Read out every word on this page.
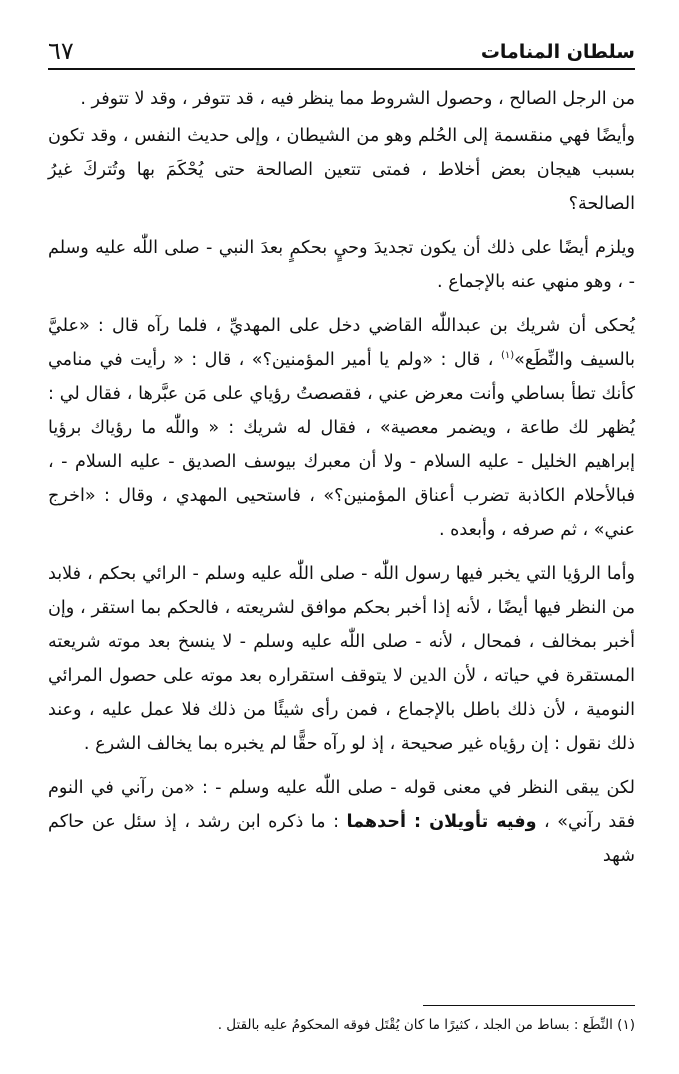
سلطان المنامات
٦٧

من الرجل الصالح ، وحصول الشروط مما ينظر فيه ، قد تتوفر ، وقد لا تتوفر .

وأيضًا فهي منقسمة إلى الحُلم وهو من الشيطان ، وإلى حديث النفس ، وقد تكون بسبب هيجان بعض أخلاط ، فمتى تتعين الصالحة حتى يُحْكَمَ بها وتُتركَ غيرُ الصالحة؟

ويلزم أيضًا على ذلك أن يكون تجديدَ وحيٍ بحكمٍ بعدَ النبي - صلى اللّٰه عليه وسلم - ، وهو منهي عنه بالإجماع .

يُحكى أن شريك بن عبداللّٰه القاضي دخل على المهديِّ ، فلما رآه قال : «عليَّ بالسيف والنِّطَع»$^{(١)}$ ، قال : «ولم يا أمير المؤمنين؟» ، قال : « رأيت في منامي كأنك تطأ بساطي وأنت معرض عني ، فقصصتُ رؤياي على مَن عبَّرها ، فقال لي : يُظهر لك طاعة ، ويضمر معصية» ، فقال له شريك : « واللّٰه ما رؤياك برؤيا إبراهيم الخليل - عليه السلام - ولا أن معبرك بيوسف الصديق - عليه السلام - ، فبالأحلام الكاذبة تضرب أعناق المؤمنين؟» ، فاستحيى المهدي ، وقال : «اخرج عني» ، ثم صرفه ، وأبعده .

وأما الرؤيا التي يخبر فيها رسول اللّٰه - صلى اللّٰه عليه وسلم - الرائي بحكم ، فلابد من النظر فيها أيضًا ، لأنه إذا أخبر بحكم موافق لشريعته ، فالحكم بما استقر ، وإن أخبر بمخالف ، فمحال ، لأنه - صلى اللّٰه عليه وسلم - لا ينسخ بعد موته شريعته المستقرة في حياته ، لأن الدين لا يتوقف استقراره بعد موته على حصول المرائي النومية ، لأن ذلك باطل بالإجماع ، فمن رأى شيئًا من ذلك فلا عمل عليه ، وعند ذلك نقول : إن رؤياه غير صحيحة ، إذ لو رآه حقًّا لم يخبره بما يخالف الشرع .

لكن يبقى النظر في معنى قوله - صلى اللّٰه عليه وسلم - : «من رآني في النوم فقد رآني» ، وفيه تأويلان : أحدهما : ما ذكره ابن رشد ، إذ سئل عن حاكم شهد

(١) النِّطَع : بساط من الجلد ، كثيرًا ما كان يُقْتَل فوقه المحكومُ عليه بالقتل .
